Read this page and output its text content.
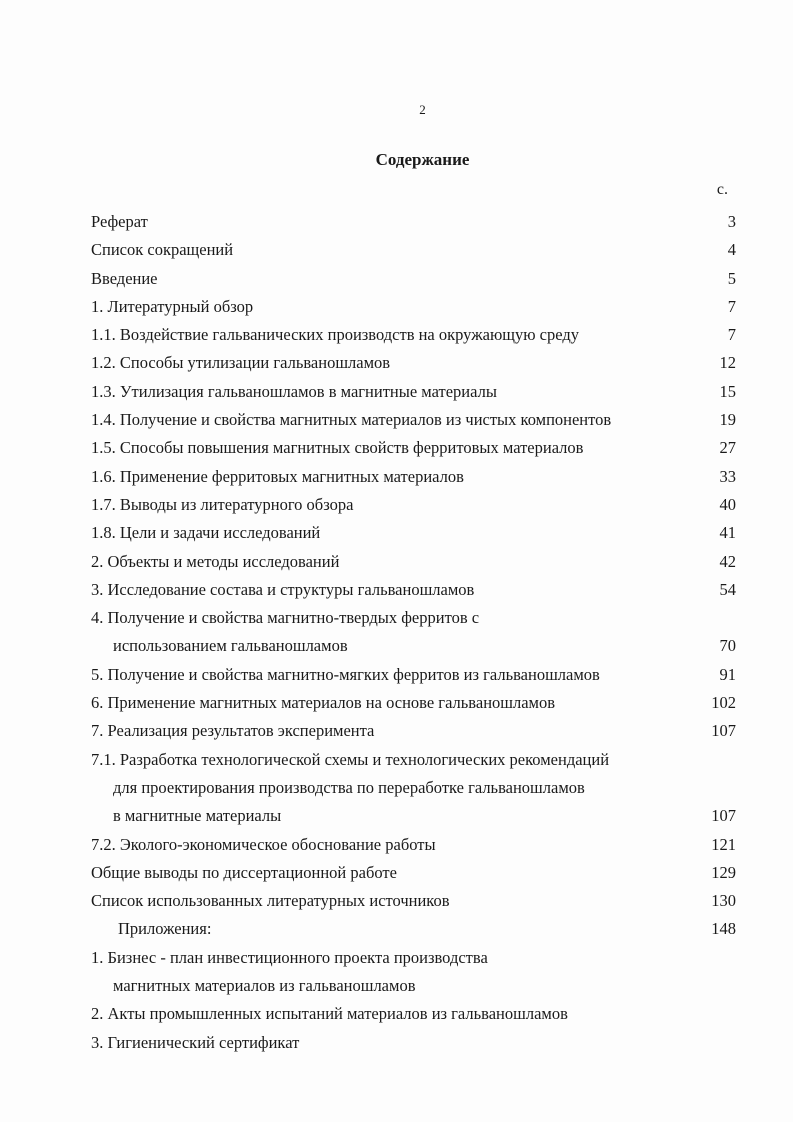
2
Содержание
с.
Реферат	3
Список сокращений	4
Введение	5
1. Литературный обзор	7
1.1. Воздействие гальванических производств на окружающую среду	7
1.2. Способы утилизации гальваношламов	12
1.3. Утилизация гальваношламов в магнитные материалы	15
1.4. Получение и свойства магнитных материалов из чистых компонентов	19
1.5. Способы повышения магнитных свойств ферритовых материалов	27
1.6. Применение ферритовых магнитных материалов	33
1.7. Выводы из литературного обзора	40
1.8. Цели и задачи исследований	41
2. Объекты и методы исследований	42
3. Исследование состава и структуры гальваношламов	54
4. Получение и свойства магнитно-твердых ферритов с
использованием гальваношламов	70
5. Получение и свойства магнитно-мягких ферритов из гальваношламов	91
6. Применение магнитных материалов на основе гальваношламов	102
7. Реализация результатов эксперимента	107
7.1. Разработка технологической схемы и технологических рекомендаций
для проектирования производства по переработке гальваношламов
в магнитные материалы	107
7.2. Эколого-экономическое обоснование работы	121
Общие выводы по диссертационной работе	129
Список использованных литературных источников	130
Приложения:	148
1. Бизнес - план инвестиционного проекта производства
магнитных материалов из гальваношламов
2. Акты промышленных испытаний материалов из гальваношламов
3. Гигиенический сертификат
